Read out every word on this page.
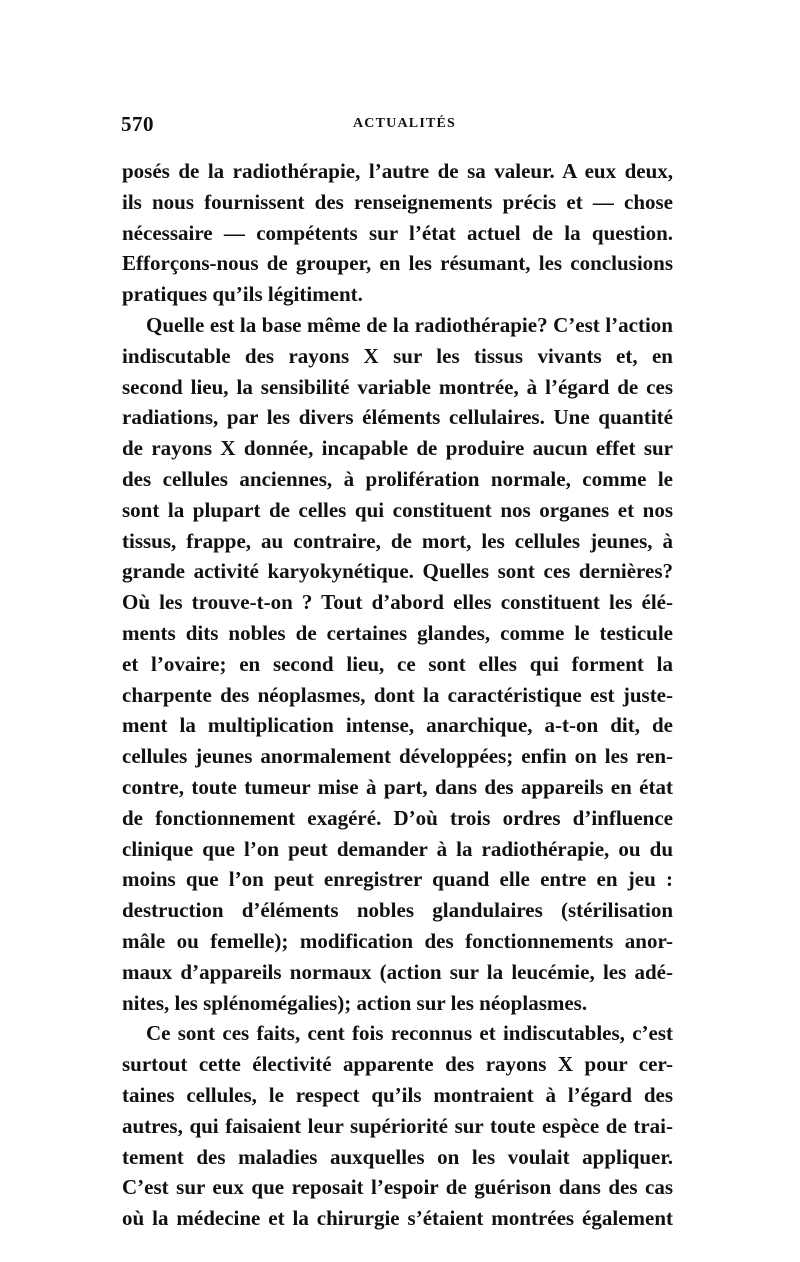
570	ACTUALITÉS
posés de la radiothérapie, l’autre de sa valeur. A eux deux,
ils nous fournissent des renseignements précis et — chose
nécessaire — compétents sur l’état actuel de la question.
Efforçons-nous de grouper, en les résumant, les conclusions
pratiques qu’ils légitiment.
Quelle est la base même de la radiothérapie? C’est l’action
indiscutable des rayons X sur les tissus vivants et, en
second lieu, la sensibilité variable montrée, à l’égard de ces
radiations, par les divers éléments cellulaires. Une quantité
de rayons X donnée, incapable de produire aucun effet sur
des cellules anciennes, à prolifération normale, comme le
sont la plupart de celles qui constituent nos organes et nos
tissus, frappe, au contraire, de mort, les cellules jeunes, à
grande activité karyokynétique. Quelles sont ces dernières?
Où les trouve-t-on ? Tout d’abord elles constituent les élé-
ments dits nobles de certaines glandes, comme le testicule
et l’ovaire; en second lieu, ce sont elles qui forment la
charpente des néoplasmes, dont la caractéristique est juste-
ment la multiplication intense, anarchique, a-t-on dit, de
cellules jeunes anormalement développées; enfin on les ren-
contre, toute tumeur mise à part, dans des appareils en état
de fonctionnement exagéré. D’où trois ordres d’influence
clinique que l’on peut demander à la radiothérapie, ou du
moins que l’on peut enregistrer quand elle entre en jeu :
destruction d’éléments nobles glandulaires (stérilisation
mâle ou femelle); modification des fonctionnements anor-
maux d’appareils normaux (action sur la leucémie, les adé-
nites, les splénomégalies); action sur les néoplasmes.
Ce sont ces faits, cent fois reconnus et indiscutables, c’est
surtout cette électivité apparente des rayons X pour cer-
taines cellules, le respect qu’ils montraient à l’égard des
autres, qui faisaient leur supériorité sur toute espèce de trai-
tement des maladies auxquelles on les voulait appliquer.
C’est sur eux que reposait l’espoir de guérison dans des cas
où la médecine et la chirurgie s’étaient montrées également
